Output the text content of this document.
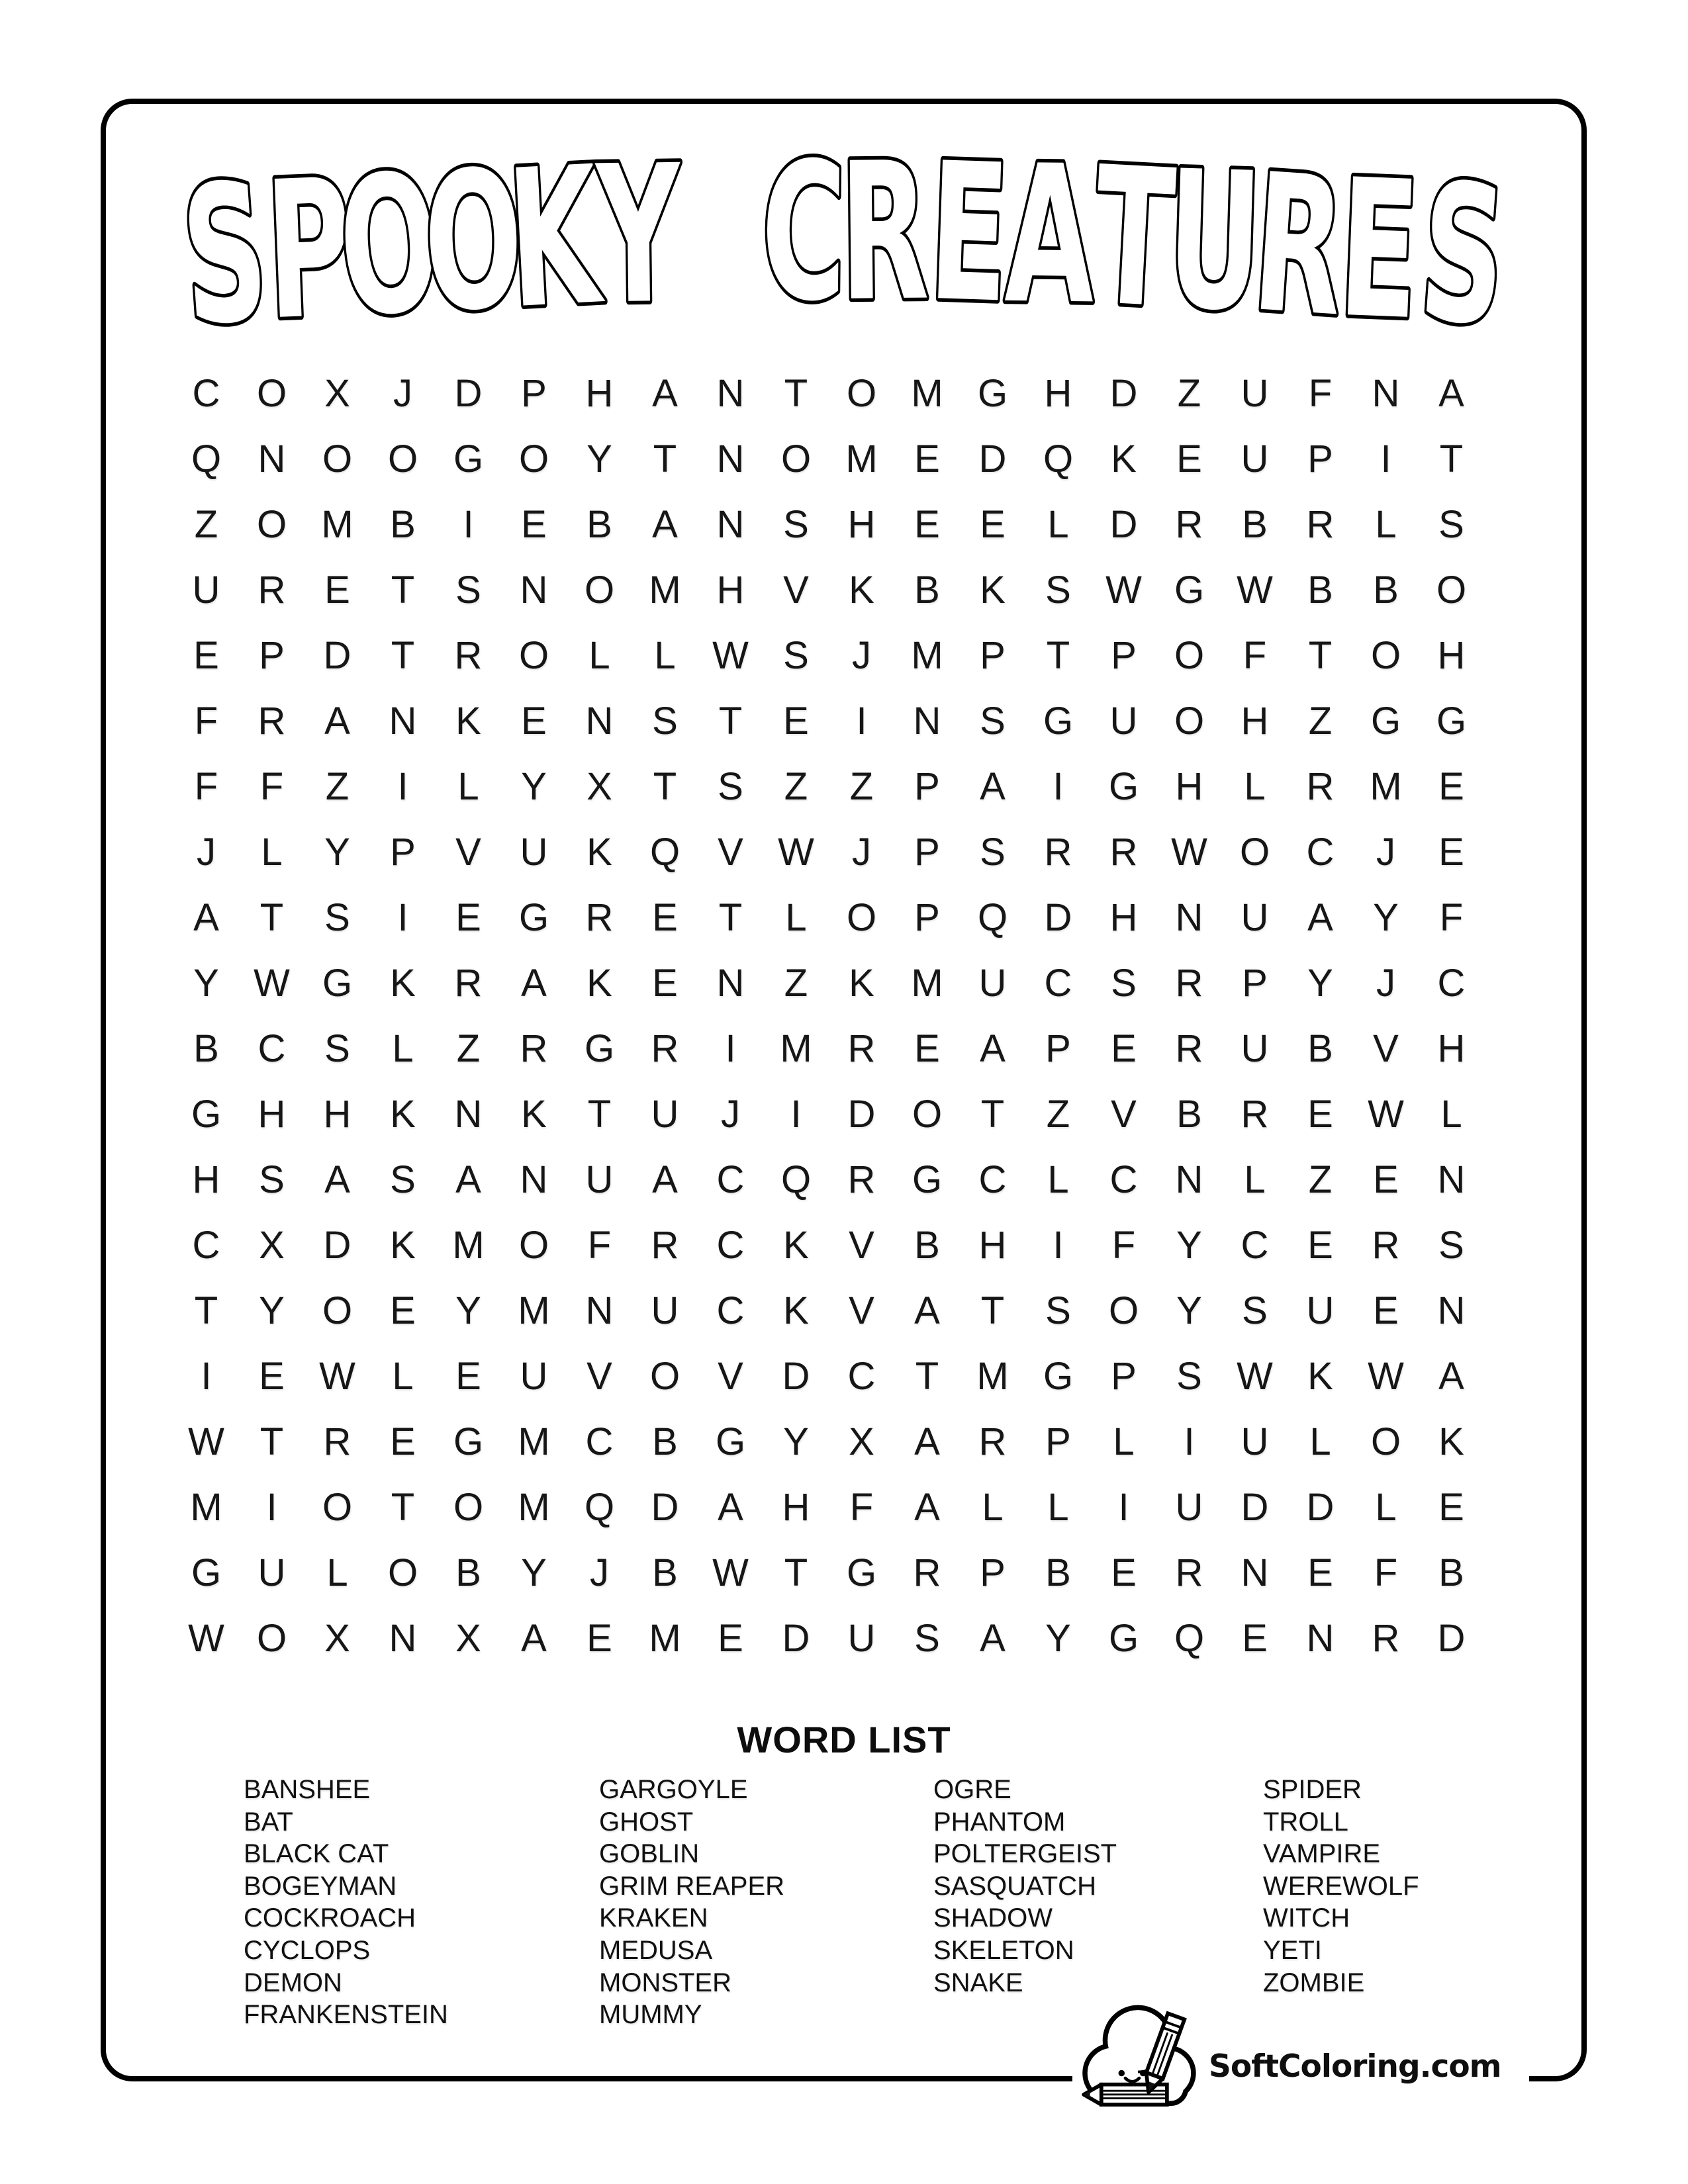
S
P
O
O
K
Y C
R
E
A
T
U
R
E
S
C O X	J	D	P	H	A	N	T	O M G H D	Z	U	F	N	A
Q N O O G O Y	T	N O M E	D Q K	E	U	P	I	T
Z	O M B	I	E	B	A	N	S	H	E	E	L	D R	B	R	L	S
U R	E	T	S	N O M H	V	K	B	K	S W G W B	B O
E	P	D	T	R O	L	L W S	J	M P	T	P O	F	T	O H
F	R	A	N	K	E	N	S	T	E	I	N	S G U O H	Z	G G
F	F	Z	I	L	Y	X	T	S	Z	Z	P	A	I	G H	L	R M E
J	L	Y	P	V	U	K Q V W J	P	S	R R W O C	J	E
A	T	S	I	E G R	E	T	L	O P Q D H N U	A	Y	F
Y W G K	R	A	K	E	N	Z	K M U C	S	R	P	Y	J	C
B	C	S	L	Z	R G R	I	M R	E	A	P	E	R U	B	V	H
G H H	K	N	K	T	U	J	I	D O	T	Z	V	B	R	E W L
H	S	A	S	A	N U	A	C Q R G C	L	C N	L	Z	E	N
C	X	D	K M O	F	R C	K	V	B	H	I	F	Y	C	E	R	S
T	Y O E	Y M N U C	K	V	A	T	S O Y	S	U	E	N
I	E W L	E	U	V O V	D C	T M G P	S W K W A
W T	R	E G M C	B G Y	X	A	R	P	L	I	U	L	O K
M	I	O	T	O M Q D	A	H	F	A	L	L	I	U D D	L	E
G U	L	O B	Y	J	B W T	G R	P	B	E	R N	E	F	B
W O X	N	X	A	E M E	D U	S	A	Y G Q E	N R D
WORD LIST
BANSHEE
BAT
BLACK CAT
BOGEYMAN
COCKROACH
CYCLOPS
DEMON
FRANKENSTEIN
GARGOYLE
GHOST
GOBLIN
GRIM REAPER
KRAKEN
MEDUSA
MONSTER
MUMMY
OGRE
PHANTOM
POLTERGEIST
SASQUATCH
SHADOW
SKELETON
SNAKE
SPIDER
TROLL
VAMPIRE
WEREWOLF
WITCH
YETI
ZOMBIE
SoftColoring.com
